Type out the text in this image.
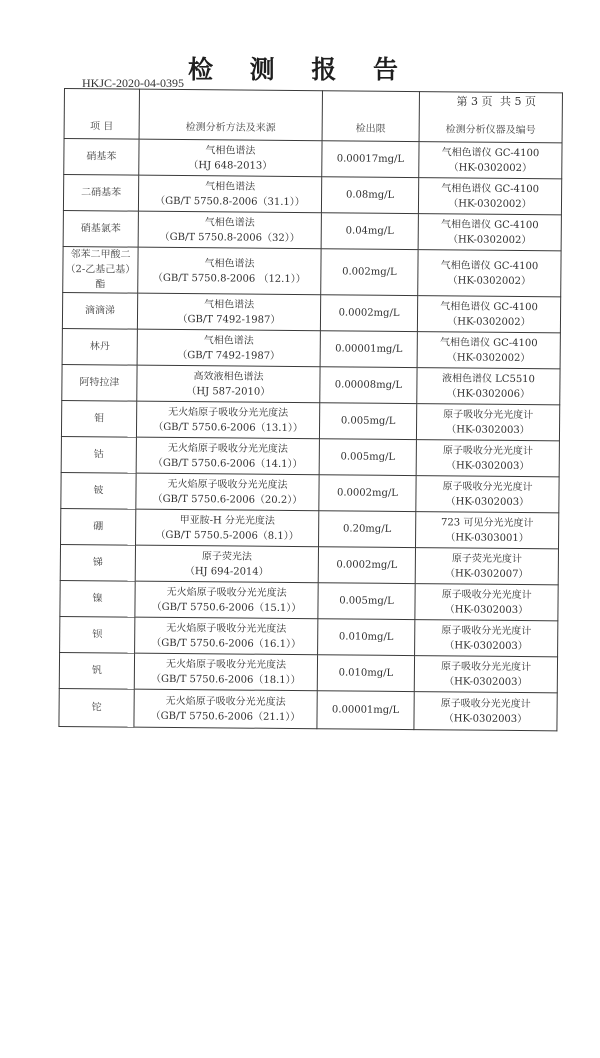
检 测 报 告
HKJC-2020-04-0395
第 3 页 共 5 页
项 目	检测分析方法及来源	检出限	检测分析仪器及编号
硝基苯	气相色谱法
（HJ 648-2013）	0.00017mg/L	气相色谱仪 GC-4100
（HK-0302002）

二硝基苯	气相色谱法
（GB/T 5750.8-2006（31.1））	0.08mg/L	气相色谱仪 GC-4100
（HK-0302002）

硝基氯苯	气相色谱法
（GB/T 5750.8-2006（32））	0.04mg/L	气相色谱仪 GC-4100
（HK-0302002）

邻苯二甲酸二（2-乙基己基）酯	气相色谱法
（GB/T 5750.8-2006 （12.1））	0.002mg/L	气相色谱仪 GC-4100
（HK-0302002）

滴滴涕	气相色谱法
（GB/T 7492-1987）	0.0002mg/L	气相色谱仪 GC-4100
（HK-0302002）

林丹	气相色谱法
（GB/T 7492-1987）	0.00001mg/L	气相色谱仪 GC-4100
（HK-0302002）

阿特拉津	高效液相色谱法
（HJ 587-2010）	0.00008mg/L	液相色谱仪 LC5510
（HK-0302006）

钼	无火焰原子吸收分光光度法
（GB/T 5750.6-2006（13.1））	0.005mg/L	原子吸收分光光度计
（HK-0302003）

钴	无火焰原子吸收分光光度法
（GB/T 5750.6-2006（14.1））	0.005mg/L	原子吸收分光光度计
（HK-0302003）

铍	无火焰原子吸收分光光度法
（GB/T 5750.6-2006（20.2））	0.0002mg/L	原子吸收分光光度计
（HK-0302003）

硼	甲亚胺-H 分光光度法
（GB/T 5750.5-2006（8.1））	0.20mg/L	723 可见分光光度计
（HK-0303001）

锑	原子荧光法
（HJ 694-2014）	0.0002mg/L	原子荧光光度计
（HK-0302007）

镍	无火焰原子吸收分光光度法
（GB/T 5750.6-2006（15.1））	0.005mg/L	原子吸收分光光度计
（HK-0302003）

钡	无火焰原子吸收分光光度法
（GB/T 5750.6-2006（16.1））	0.010mg/L	原子吸收分光光度计
（HK-0302003）

钒	无火焰原子吸收分光光度法
（GB/T 5750.6-2006（18.1））	0.010mg/L	原子吸收分光光度计
（HK-0302003）

铊	无火焰原子吸收分光光度法
（GB/T 5750.6-2006（21.1））	0.00001mg/L	原子吸收分光光度计
（HK-0302003）
